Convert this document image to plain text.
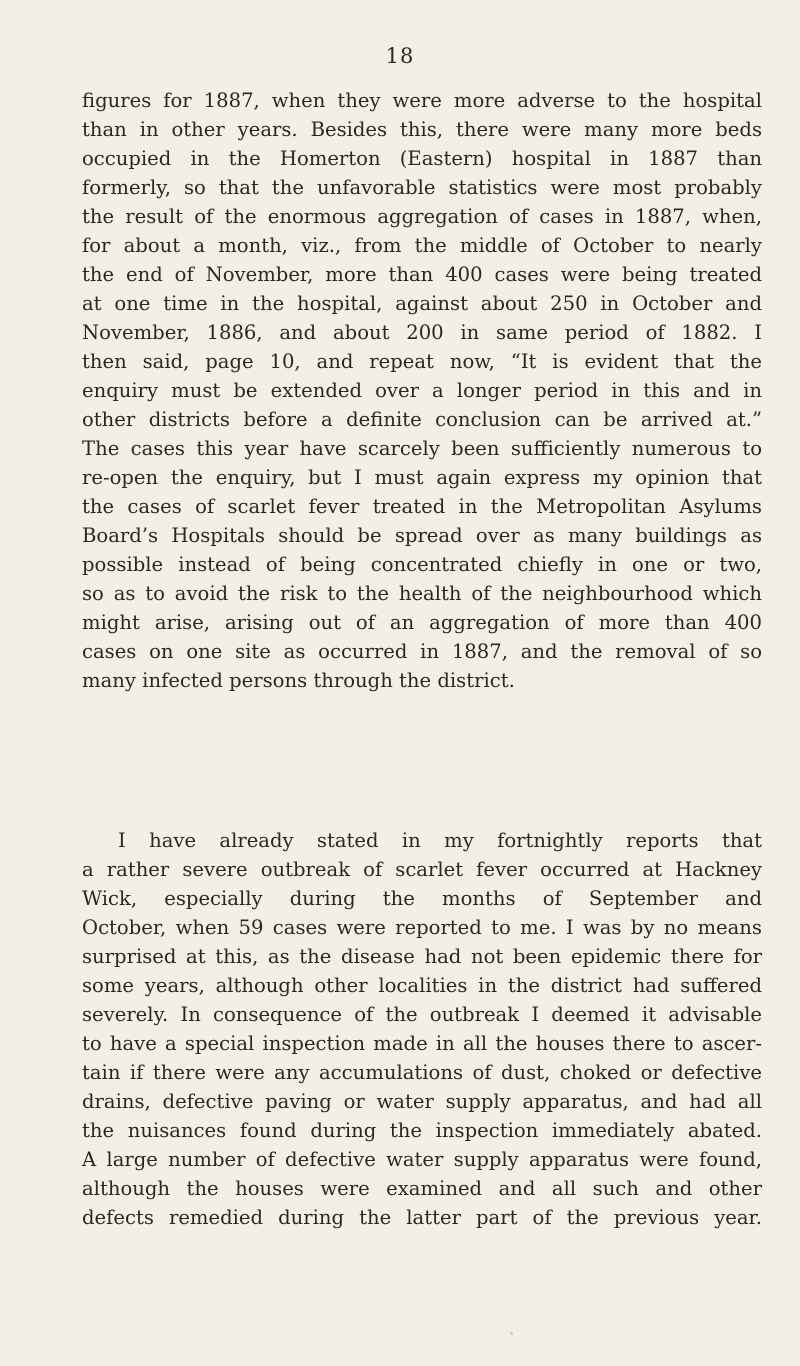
18
figures for 1887, when they were more adverse to the hospital
than in other years. Besides this, there were many more beds
occupied in the Homerton (Eastern) hospital in 1887 than
formerly, so that the unfavorable statistics were most probably
the result of the enormous aggregation of cases in 1887, when,
for about a month, viz., from the middle of October to nearly
the end of November, more than 400 cases were being treated
at one time in the hospital, against about 250 in October and
November, 1886, and about 200 in same period of 1882. I
then said, page 10, and repeat now, “It is evident that the
enquiry must be extended over a longer period in this and in
other districts before a definite conclusion can be arrived at.”
The cases this year have scarcely been sufficiently numerous to
re-open the enquiry, but I must again express my opinion that
the cases of scarlet fever treated in the Metropolitan Asylums
Board’s Hospitals should be spread over as many buildings as
possible instead of being concentrated chiefly in one or two,
so as to avoid the risk to the health of the neighbourhood which
might arise, arising out of an aggregation of more than 400
cases on one site as occurred in 1887, and the removal of so
many infected persons through the district.
I have already stated in my fortnightly reports that
a rather severe outbreak of scarlet fever occurred at Hackney
Wick, especially during the months of September and
October, when 59 cases were reported to me. I was by no means
surprised at this, as the disease had not been epidemic there for
some years, although other localities in the district had suffered
severely. In consequence of the outbreak I deemed it advisable
to have a special inspection made in all the houses there to ascer-
tain if there were any accumulations of dust, choked or defective
drains, defective paving or water supply apparatus, and had all
the nuisances found during the inspection immediately abated.
A large number of defective water supply apparatus were found,
although the houses were examined and all such and other
defects remedied during the latter part of the previous year.
